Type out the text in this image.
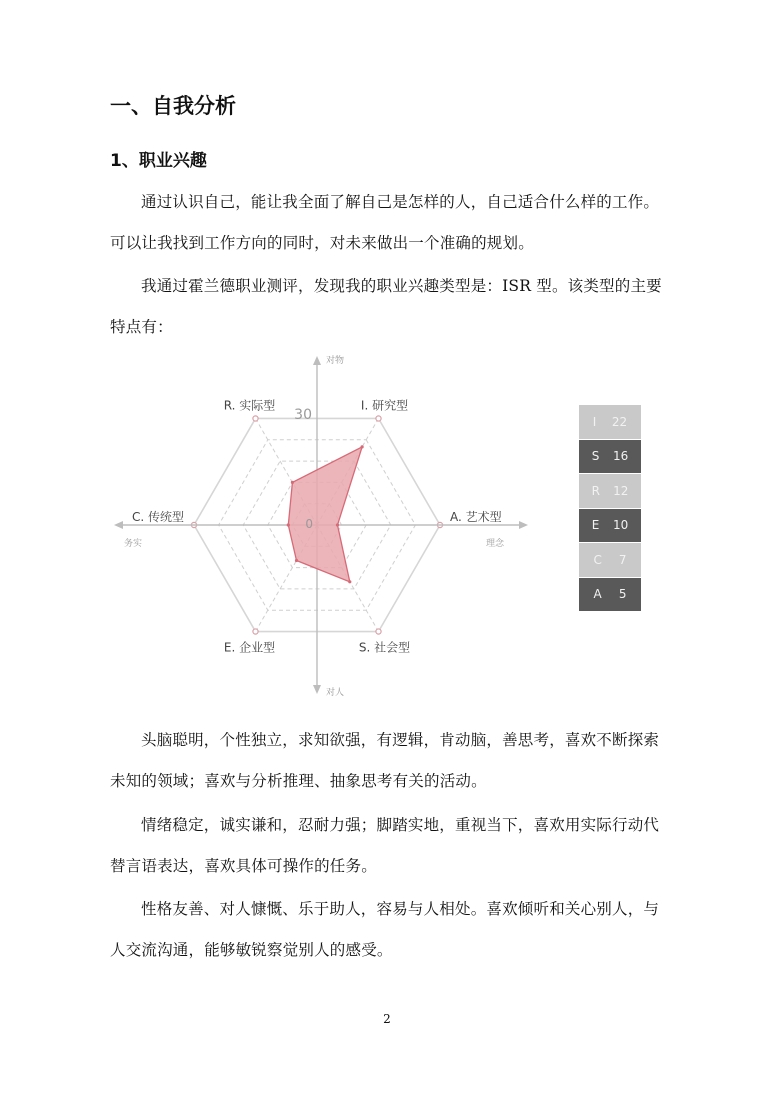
一、自我分析
1、职业兴趣

通过认识自己，能让我全面了解自己是怎样的人，自己适合什么样的工作。可以让我找到工作方向的同时，对未来做出一个准确的规划。

我通过霍兰德职业测评，发现我的职业兴趣类型是：ISR 型。该类型的主要特点有：

I. 研究型
A. 艺术型
S. 社会型
E. 企业型
C. 传统型
R. 实际型
30
0
对物
对人
务实	理念
I 22
S 16
R 12
E 10
C 7
A 5

头脑聪明，个性独立，求知欲强，有逻辑，肯动脑，善思考，喜欢不断探索未知的领域；喜欢与分析推理、抽象思考有关的活动。

情绪稳定，诚实谦和，忍耐力强；脚踏实地，重视当下，喜欢用实际行动代替言语表达，喜欢具体可操作的任务。

性格友善、对人慷慨、乐于助人，容易与人相处。喜欢倾听和关心别人，与人交流沟通，能够敏锐察觉别人的感受。

2
